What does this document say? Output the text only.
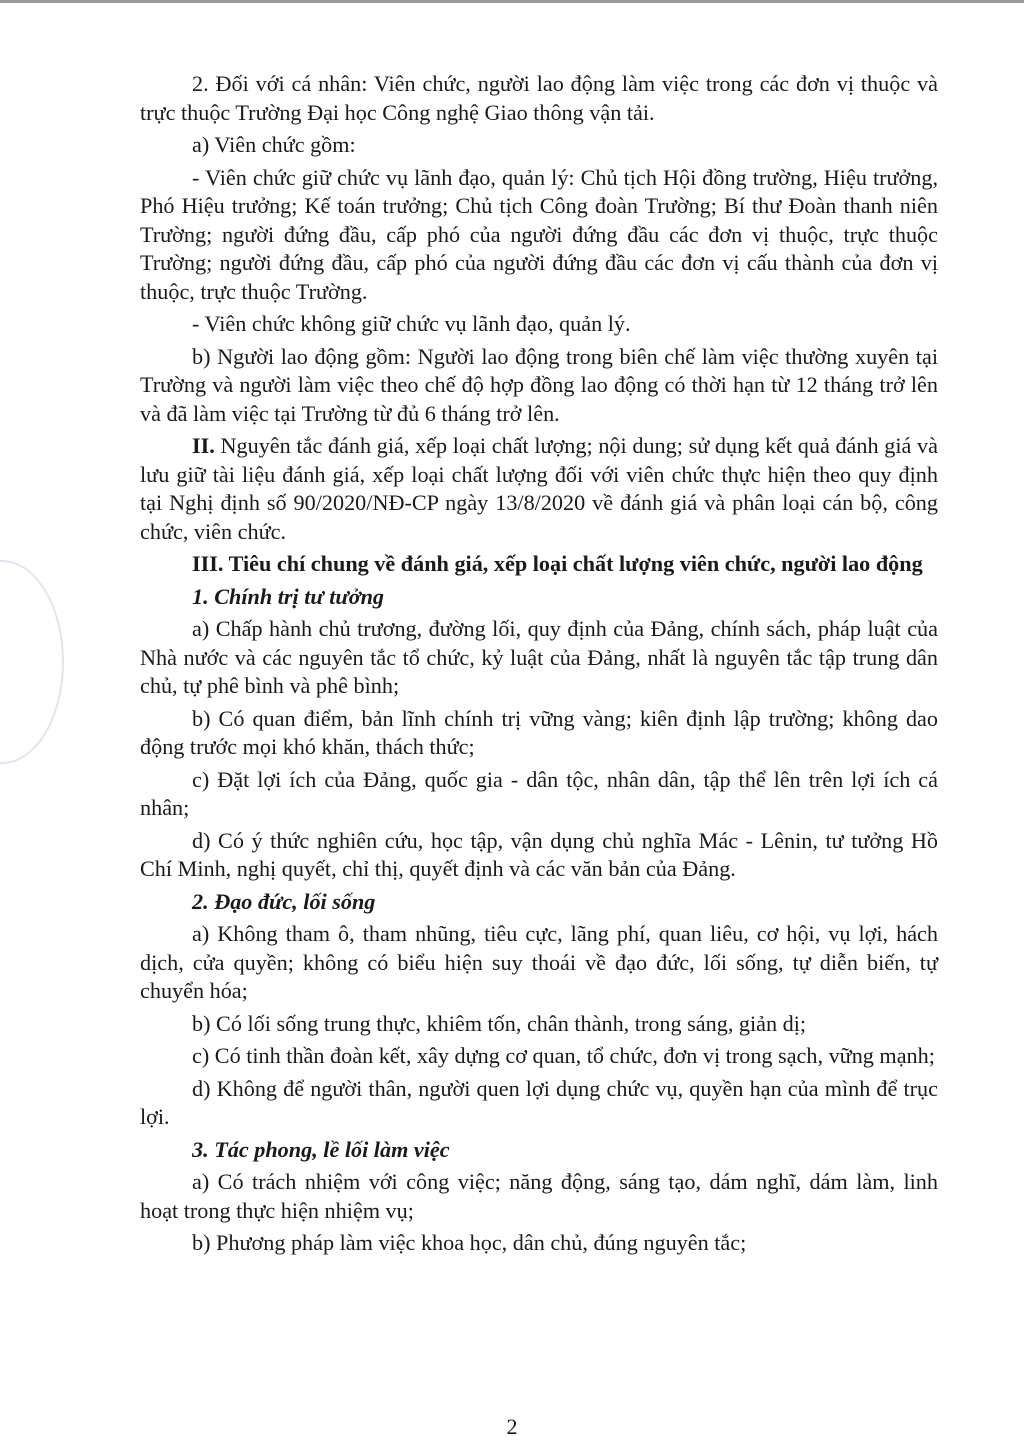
2. Đối với cá nhân: Viên chức, người lao động làm việc trong các đơn vị thuộc và trực thuộc Trường Đại học Công nghệ Giao thông vận tải.

a) Viên chức gồm:

- Viên chức giữ chức vụ lãnh đạo, quản lý: Chủ tịch Hội đồng trường, Hiệu trưởng, Phó Hiệu trưởng; Kế toán trưởng; Chủ tịch Công đoàn Trường; Bí thư Đoàn thanh niên Trường; người đứng đầu, cấp phó của người đứng đầu các đơn vị thuộc, trực thuộc Trường; người đứng đầu, cấp phó của người đứng đầu các đơn vị cấu thành của đơn vị thuộc, trực thuộc Trường.

- Viên chức không giữ chức vụ lãnh đạo, quản lý.

b) Người lao động gồm: Người lao động trong biên chế làm việc thường xuyên tại Trường và người làm việc theo chế độ hợp đồng lao động có thời hạn từ 12 tháng trở lên và đã làm việc tại Trường từ đủ 6 tháng trở lên.

II. Nguyên tắc đánh giá, xếp loại chất lượng; nội dung; sử dụng kết quả đánh giá và lưu giữ tài liệu đánh giá, xếp loại chất lượng đối với viên chức thực hiện theo quy định tại Nghị định số 90/2020/NĐ-CP ngày 13/8/2020 về đánh giá và phân loại cán bộ, công chức, viên chức.

III. Tiêu chí chung về đánh giá, xếp loại chất lượng viên chức, người lao động

1. Chính trị tư tưởng

a) Chấp hành chủ trương, đường lối, quy định của Đảng, chính sách, pháp luật của Nhà nước và các nguyên tắc tổ chức, kỷ luật của Đảng, nhất là nguyên tắc tập trung dân chủ, tự phê bình và phê bình;

b) Có quan điểm, bản lĩnh chính trị vững vàng; kiên định lập trường; không dao động trước mọi khó khăn, thách thức;

c) Đặt lợi ích của Đảng, quốc gia - dân tộc, nhân dân, tập thể lên trên lợi ích cá nhân;

d) Có ý thức nghiên cứu, học tập, vận dụng chủ nghĩa Mác - Lênin, tư tưởng Hồ Chí Minh, nghị quyết, chỉ thị, quyết định và các văn bản của Đảng.

2. Đạo đức, lối sống

a) Không tham ô, tham nhũng, tiêu cực, lãng phí, quan liêu, cơ hội, vụ lợi, hách dịch, cửa quyền; không có biểu hiện suy thoái về đạo đức, lối sống, tự diễn biến, tự chuyển hóa;

b) Có lối sống trung thực, khiêm tốn, chân thành, trong sáng, giản dị;

c) Có tinh thần đoàn kết, xây dựng cơ quan, tổ chức, đơn vị trong sạch, vững mạnh;

d) Không để người thân, người quen lợi dụng chức vụ, quyền hạn của mình để trục lợi.

3. Tác phong, lề lối làm việc

a) Có trách nhiệm với công việc; năng động, sáng tạo, dám nghĩ, dám làm, linh hoạt trong thực hiện nhiệm vụ;

b) Phương pháp làm việc khoa học, dân chủ, đúng nguyên tắc;

2
